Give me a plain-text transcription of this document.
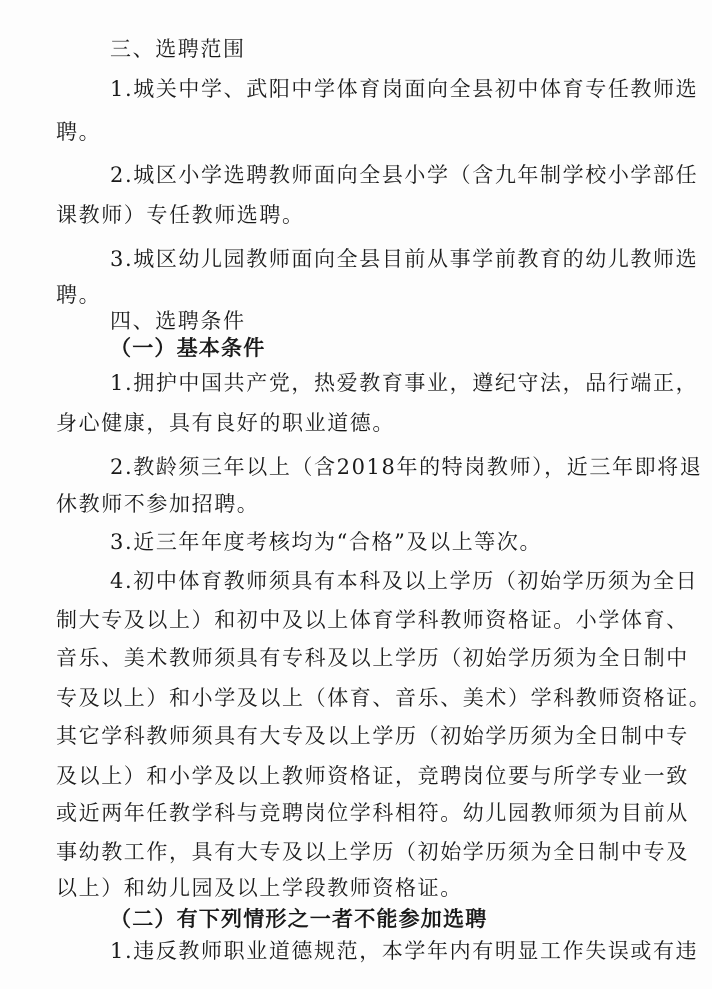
三、选聘范围
1.城关中学、武阳中学体育岗面向全县初中体育专任教师选
聘。
2.城区小学选聘教师面向全县小学（含九年制学校小学部任
课教师）专任教师选聘。
3.城区幼儿园教师面向全县目前从事学前教育的幼儿教师选
聘。
四、选聘条件
（一）基本条件
1.拥护中国共产党，热爱教育事业，遵纪守法，品行端正，
身心健康，具有良好的职业道德。
2.教龄须三年以上（含2018年的特岗教师），近三年即将退
休教师不参加招聘。
3.近三年年度考核均为“合格”及以上等次。
4.初中体育教师须具有本科及以上学历（初始学历须为全日
制大专及以上）和初中及以上体育学科教师资格证。小学体育、
音乐、美术教师须具有专科及以上学历（初始学历须为全日制中
专及以上）和小学及以上（体育、音乐、美术）学科教师资格证。
其它学科教师须具有大专及以上学历（初始学历须为全日制中专
及以上）和小学及以上教师资格证，竞聘岗位要与所学专业一致
或近两年任教学科与竞聘岗位学科相符。幼儿园教师须为目前从
事幼教工作，具有大专及以上学历（初始学历须为全日制中专及
以上）和幼儿园及以上学段教师资格证。
（二）有下列情形之一者不能参加选聘
1.违反教师职业道德规范，本学年内有明显工作失误或有违
